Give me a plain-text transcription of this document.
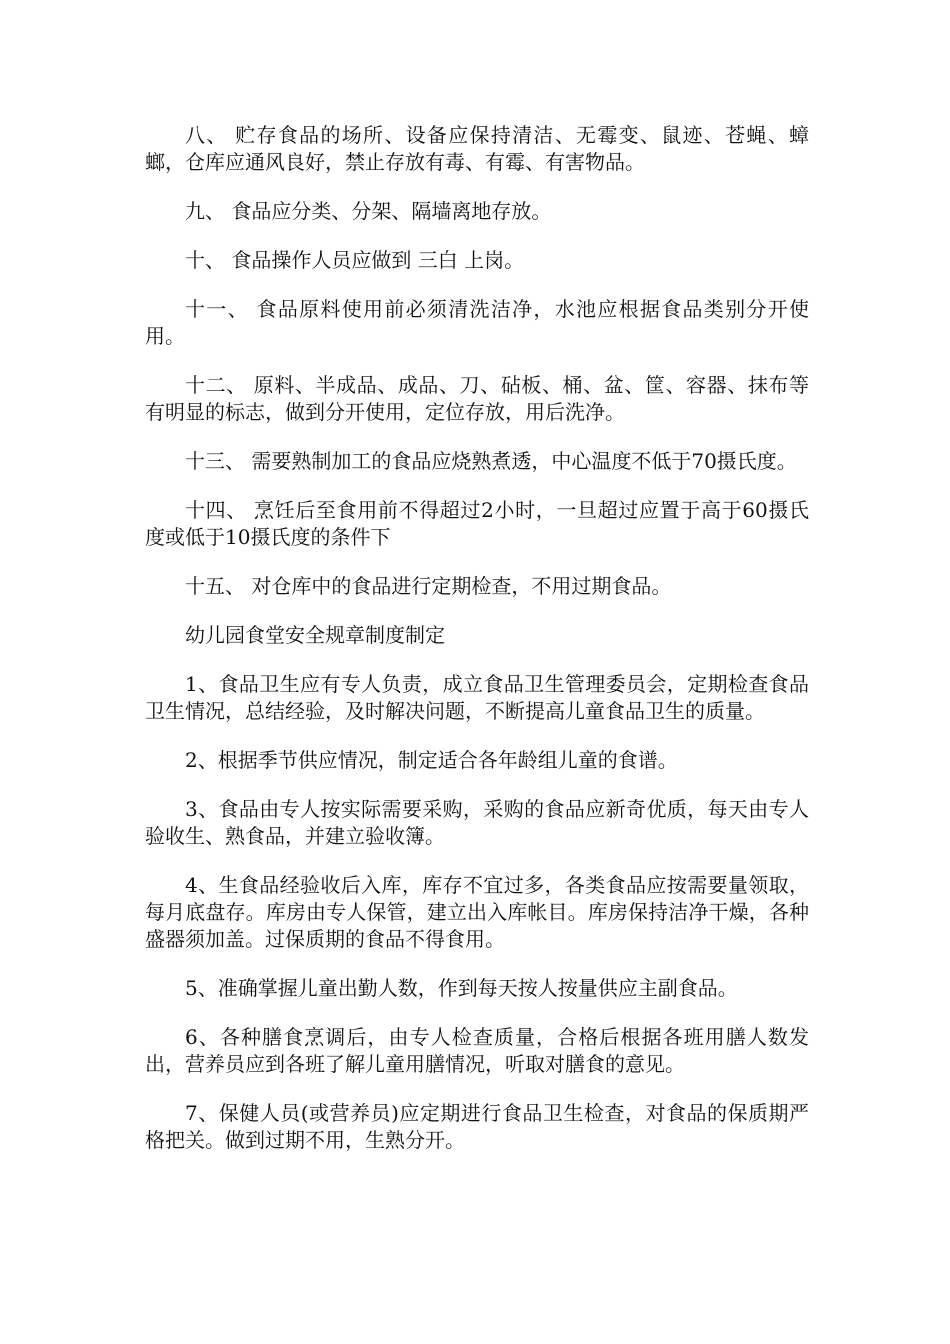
八、 贮存食品的场所、设备应保持清洁、无霉变、鼠迹、苍蝇、蟑螂，仓库应通风良好，禁止存放有毒、有霉、有害物品。

九、 食品应分类、分架、隔墙离地存放。

十、 食品操作人员应做到 三白 上岗。

十一、 食品原料使用前必须清洗洁净，水池应根据食品类别分开使用。

十二、 原料、半成品、成品、刀、砧板、桶、盆、筐、容器、抹布等有明显的标志，做到分开使用，定位存放，用后洗净。

十三、 需要熟制加工的食品应烧熟煮透，中心温度不低于70摄氏度。

十四、 烹饪后至食用前不得超过2小时，一旦超过应置于高于60摄氏度或低于10摄氏度的条件下

十五、 对仓库中的食品进行定期检查，不用过期食品。

幼儿园食堂安全规章制度制定

1、食品卫生应有专人负责，成立食品卫生管理委员会，定期检查食品卫生情况，总结经验，及时解决问题，不断提高儿童食品卫生的质量。

2、根据季节供应情况，制定适合各年龄组儿童的食谱。

3、食品由专人按实际需要采购，采购的食品应新奇优质，每天由专人验收生、熟食品，并建立验收簿。

4、生食品经验收后入库，库存不宜过多，各类食品应按需要量领取，每月底盘存。库房由专人保管，建立出入库帐目。库房保持洁净干燥，各种盛器须加盖。过保质期的食品不得食用。

5、准确掌握儿童出勤人数，作到每天按人按量供应主副食品。

6、各种膳食烹调后，由专人检查质量，合格后根据各班用膳人数发出，营养员应到各班了解儿童用膳情况，听取对膳食的意见。

7、保健人员(或营养员)应定期进行食品卫生检查，对食品的保质期严格把关。做到过期不用，生熟分开。
